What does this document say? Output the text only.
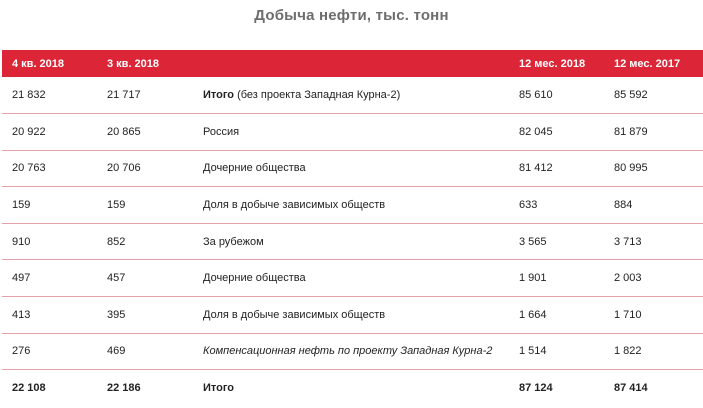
Добыча нефти, тыс. тонн
4 кв. 2018	3 кв. 2018		12 мес. 2018	12 мес. 2017
21 832	21 717	Итого (без проекта Западная Курна-2)	85 610	85 592
20 922	20 865	Россия	82 045	81 879
20 763	20 706	Дочерние общества	81 412	80 995
159	159	Доля в добыче зависимых обществ	633	884
910	852	За рубежом	3 565	3 713
497	457	Дочерние общества	1 901	2 003
413	395	Доля в добыче зависимых обществ	1 664	1 710
276	469	Компенсационная нефть по проекту Западная Курна-2	1 514	1 822
22 108	22 186	Итого	87 124	87 414
